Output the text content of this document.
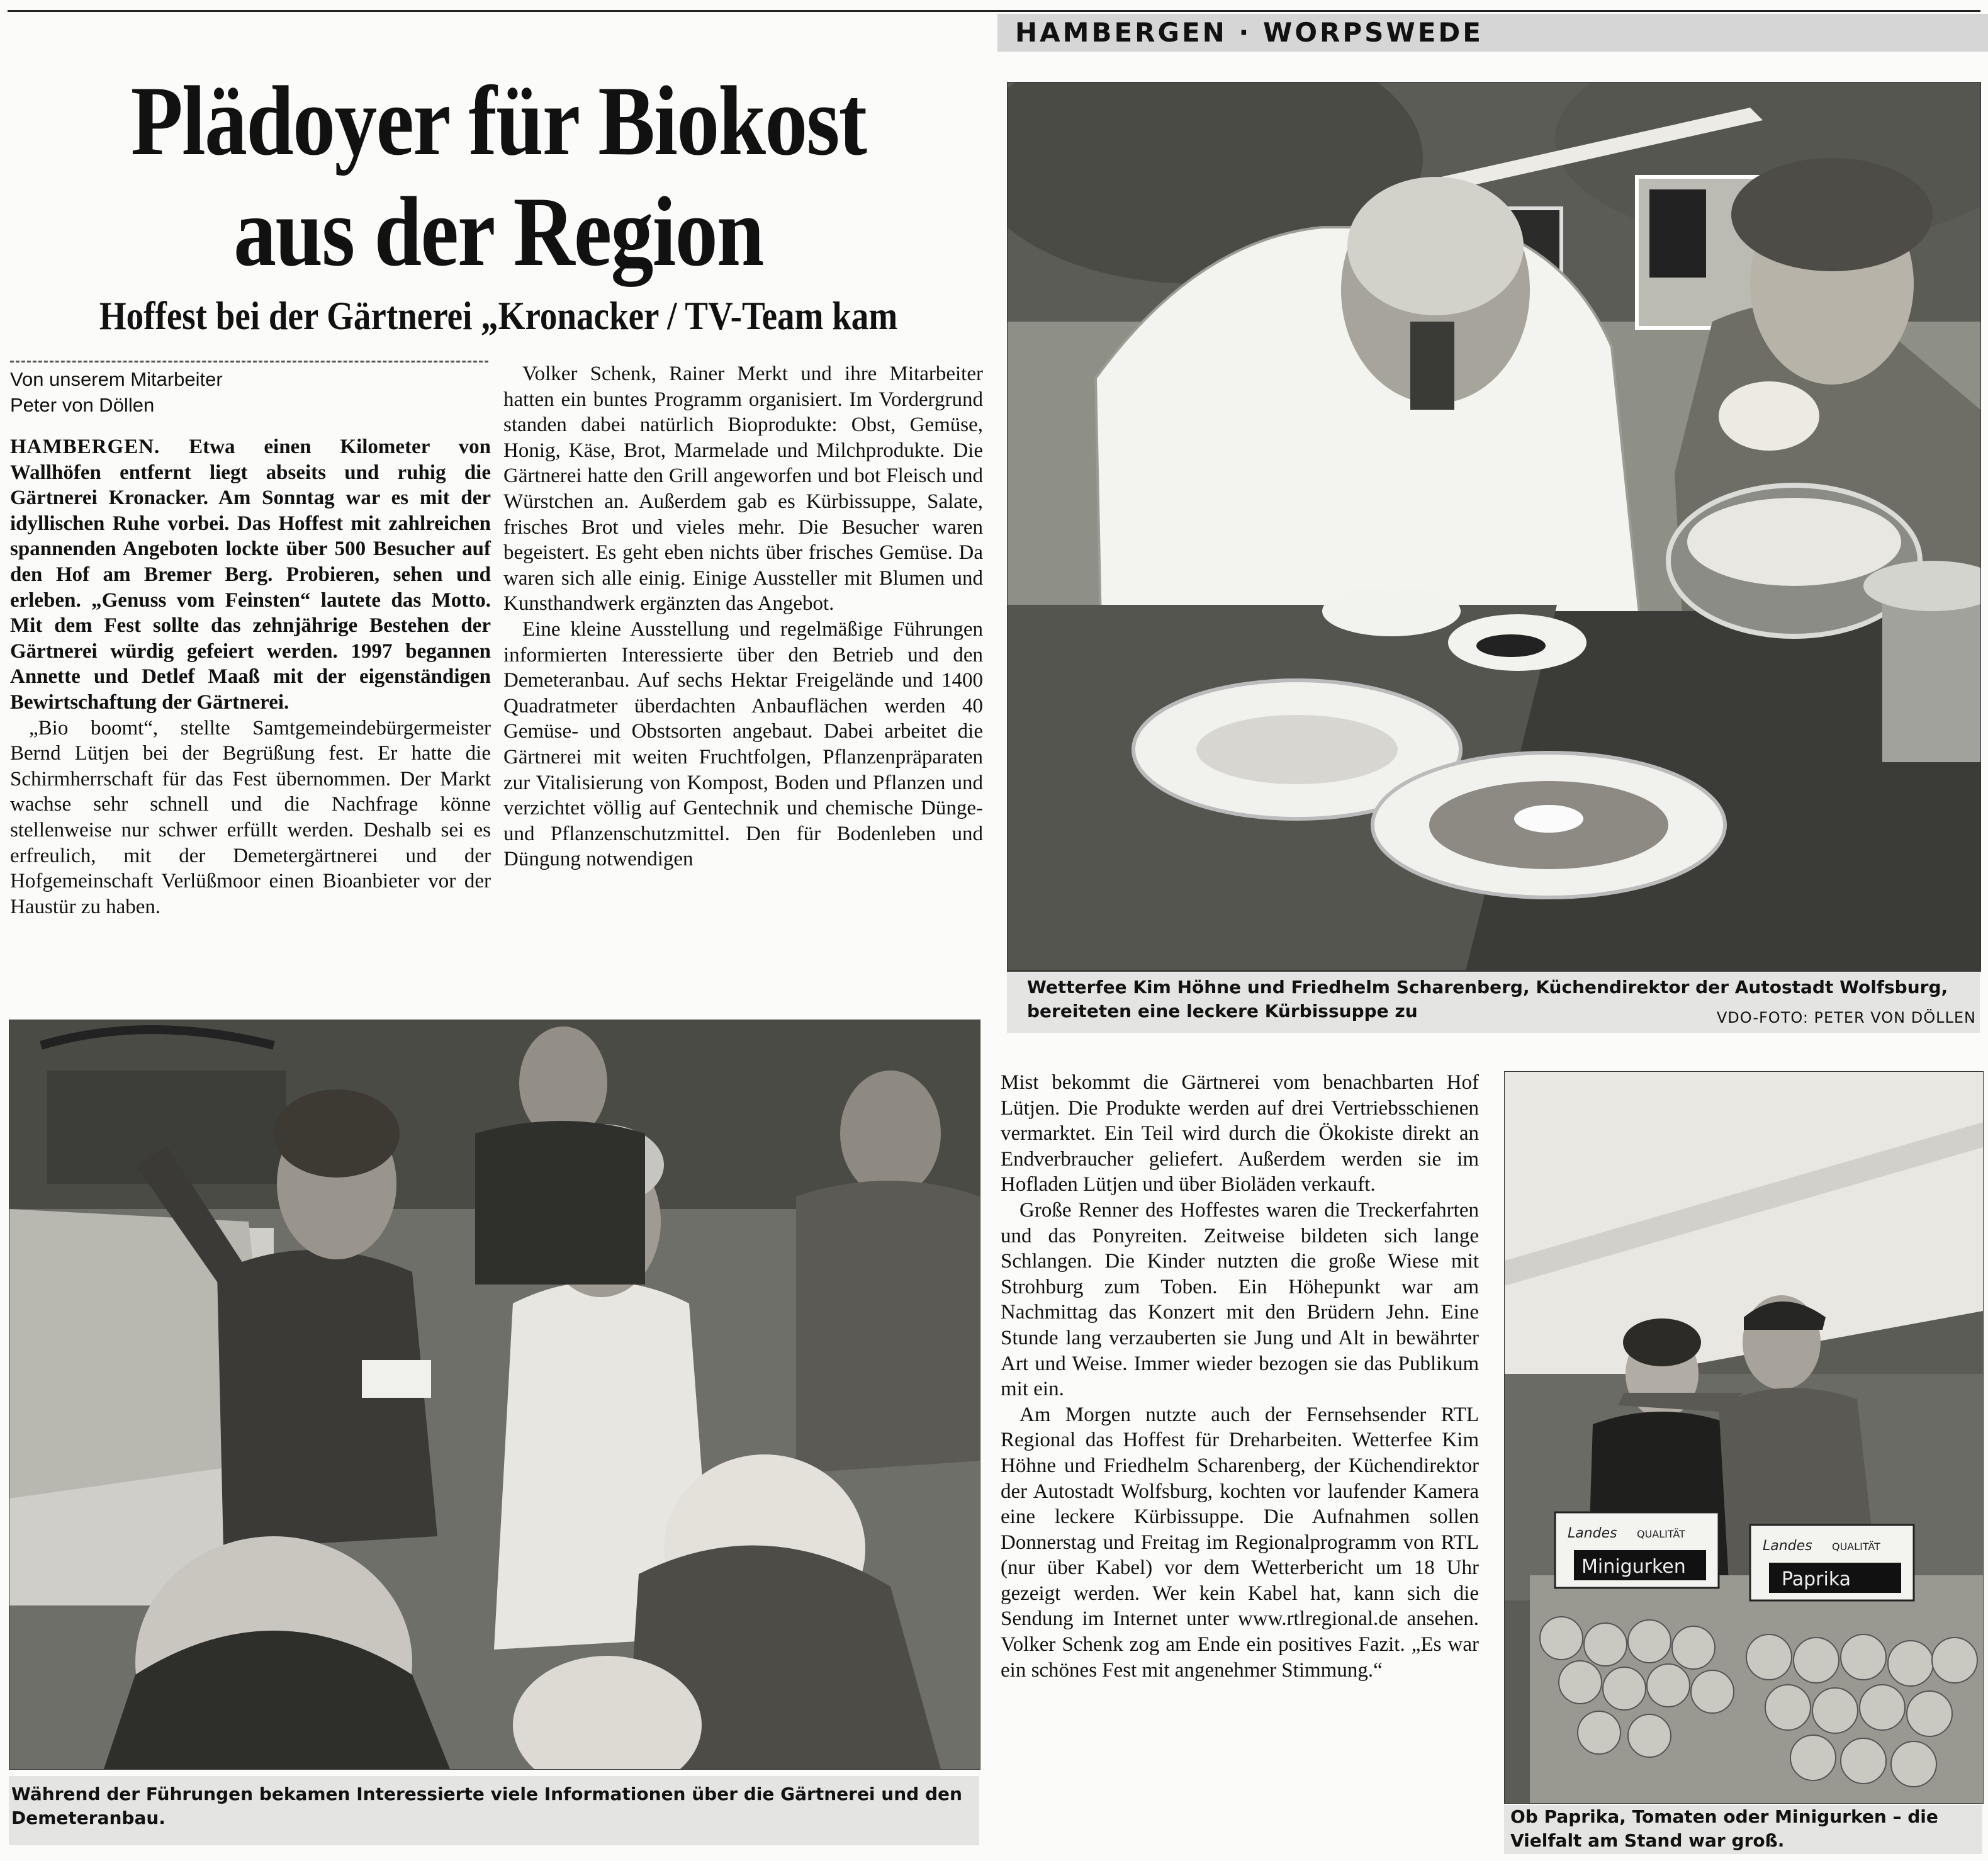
HAMBERGEN · WORPSWEDE
Plädoyer für Biokost
aus der Region
Hoffest bei der Gärtnerei „Kronacker / TV-Team kam
Von unserem Mitarbeiter
Peter von Döllen

HAMBERGEN. Etwa einen Kilometer von Wallhöfen entfernt liegt abseits und ruhig die Gärtnerei Kronacker. Am Sonntag war es mit der idyllischen Ruhe vorbei. Das Hoffest mit zahlreichen spannenden Angeboten lockte über 500 Besucher auf den Hof am Bremer Berg. Probieren, sehen und erleben. „Genuss vom Feinsten“ lautete das Motto. Mit dem Fest sollte das zehnjährige Bestehen der Gärtnerei würdig gefeiert werden. 1997 begannen Annette und Detlef Maaß mit der eigenständigen Bewirtschaftung der Gärtnerei.

„Bio boomt“, stellte Samtgemeindebürgermeister Bernd Lütjen bei der Begrüßung fest. Er hatte die Schirmherrschaft für das Fest übernommen. Der Markt wachse sehr schnell und die Nachfrage könne stellenweise nur schwer erfüllt werden. Deshalb sei es erfreulich, mit der Demetergärtnerei und der Hofgemeinschaft Verlüßmoor einen Bioanbieter vor der Haustür zu haben.

Volker Schenk, Rainer Merkt und ihre Mitarbeiter hatten ein buntes Programm organisiert. Im Vordergrund standen dabei natürlich Bioprodukte: Obst, Gemüse, Honig, Käse, Brot, Marmelade und Milchprodukte. Die Gärtnerei hatte den Grill angeworfen und bot Fleisch und Würstchen an. Außerdem gab es Kürbissuppe, Salate, frisches Brot und vieles mehr. Die Besucher waren begeistert. Es geht eben nichts über frisches Gemüse. Da waren sich alle einig. Einige Aussteller mit Blumen und Kunsthandwerk ergänzten das Angebot.

Eine kleine Ausstellung und regelmäßige Führungen informierten Interessierte über den Betrieb und den Demeteranbau. Auf sechs Hektar Freigelände und 1400 Quadratmeter überdachten Anbauflächen werden 40 Gemüse- und Obstsorten angebaut. Dabei arbeitet die Gärtnerei mit weiten Fruchtfolgen, Pflanzenpräparaten zur Vitalisierung von Kompost, Boden und Pflanzen und verzichtet völlig auf Gentechnik und chemische Dünge- und Pflanzenschutzmittel. Den für Bodenleben und Düngung notwendigen

Wetterfee Kim Höhne und Friedhelm Scharenberg, Küchendirektor der Autostadt Wolfsburg, bereiteten eine leckere Kürbissuppe zu	VDO-FOTO: PETER VON DÖLLEN
Während der Führungen bekamen Interessierte viele Informationen über die Gärtnerei und den Demeteranbau.

Mist bekommt die Gärtnerei vom benachbarten Hof Lütjen. Die Produkte werden auf drei Vertriebsschienen vermarktet. Ein Teil wird durch die Ökokiste direkt an Endverbraucher geliefert. Außerdem werden sie im Hofladen Lütjen und über Bioläden verkauft.

Große Renner des Hoffestes waren die Treckerfahrten und das Ponyreiten. Zeitweise bildeten sich lange Schlangen. Die Kinder nutzten die große Wiese mit Strohburg zum Toben. Ein Höhepunkt war am Nachmittag das Konzert mit den Brüdern Jehn. Eine Stunde lang verzauberten sie Jung und Alt in bewährter Art und Weise. Immer wieder bezogen sie das Publikum mit ein.

Am Morgen nutzte auch der Fernsehsender RTL Regional das Hoffest für Dreharbeiten. Wetterfee Kim Höhne und Friedhelm Scharenberg, der Küchendirektor der Autostadt Wolfsburg, kochten vor laufender Kamera eine leckere Kürbissuppe. Die Aufnahmen sollen Donnerstag und Freitag im Regionalprogramm von RTL (nur über Kabel) vor dem Wetterbericht um 18 Uhr gezeigt werden. Wer kein Kabel hat, kann sich die Sendung im Internet unter www.rtlregional.de ansehen. Volker Schenk zog am Ende ein positives Fazit. „Es war ein schönes Fest mit angenehmer Stimmung.“

Landes QUALITÄT
Minigurken
Landes QUALITÄT
Paprika
Ob Paprika, Tomaten oder Minigurken – die Vielfalt am Stand war groß.
